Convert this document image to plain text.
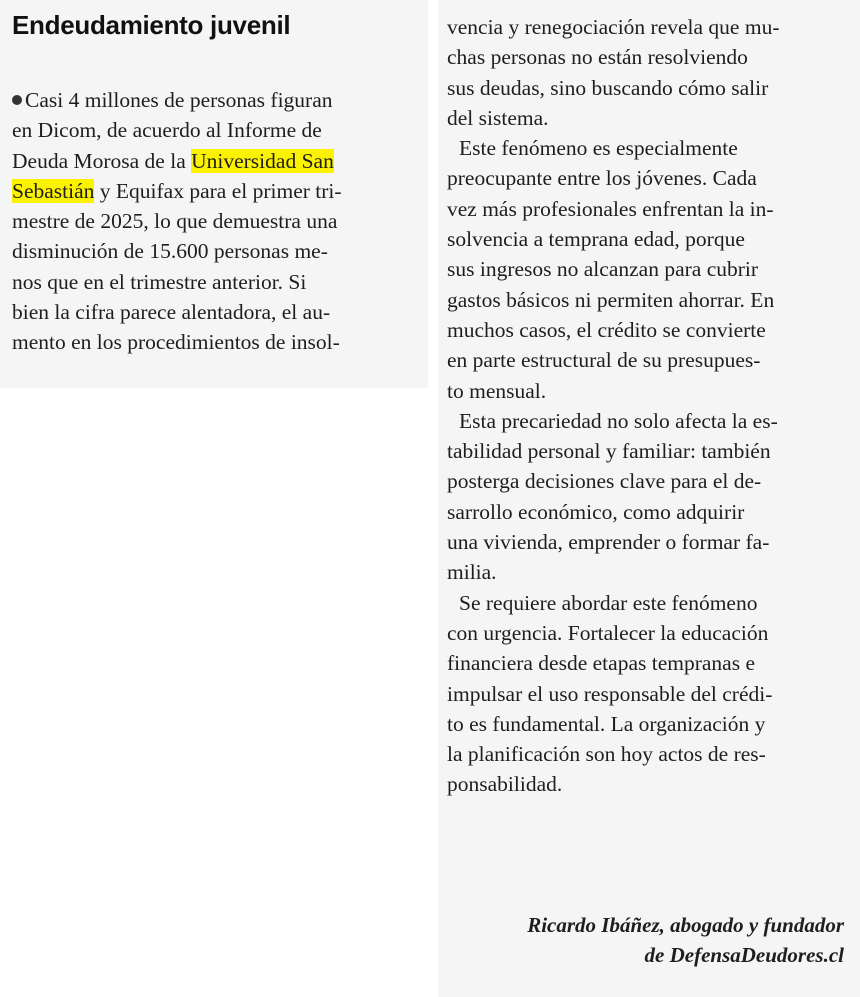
Endeudamiento juvenil
Casi 4 millones de personas figuran
en Dicom, de acuerdo al Informe de
Deuda Morosa de la Universidad San
Sebastián y Equifax para el primer tri-
mestre de 2025, lo que demuestra una
disminución de 15.600 personas me-
nos que en el trimestre anterior. Si
bien la cifra parece alentadora, el au-
mento en los procedimientos de insol-
vencia y renegociación revela que mu-
chas personas no están resolviendo
sus deudas, sino buscando cómo salir
del sistema.
Este fenómeno es especialmente
preocupante entre los jóvenes. Cada
vez más profesionales enfrentan la in-
solvencia a temprana edad, porque
sus ingresos no alcanzan para cubrir
gastos básicos ni permiten ahorrar. En
muchos casos, el crédito se convierte
en parte estructural de su presupues-
to mensual.
Esta precariedad no solo afecta la es-
tabilidad personal y familiar: también
posterga decisiones clave para el de-
sarrollo económico, como adquirir
una vivienda, emprender o formar fa-
milia.
Se requiere abordar este fenómeno
con urgencia. Fortalecer la educación
financiera desde etapas tempranas e
impulsar el uso responsable del crédi-
to es fundamental. La organización y
la planificación son hoy actos de res-
ponsabilidad.
Ricardo Ibáñez, abogado y fundador
de DefensaDeudores.cl
